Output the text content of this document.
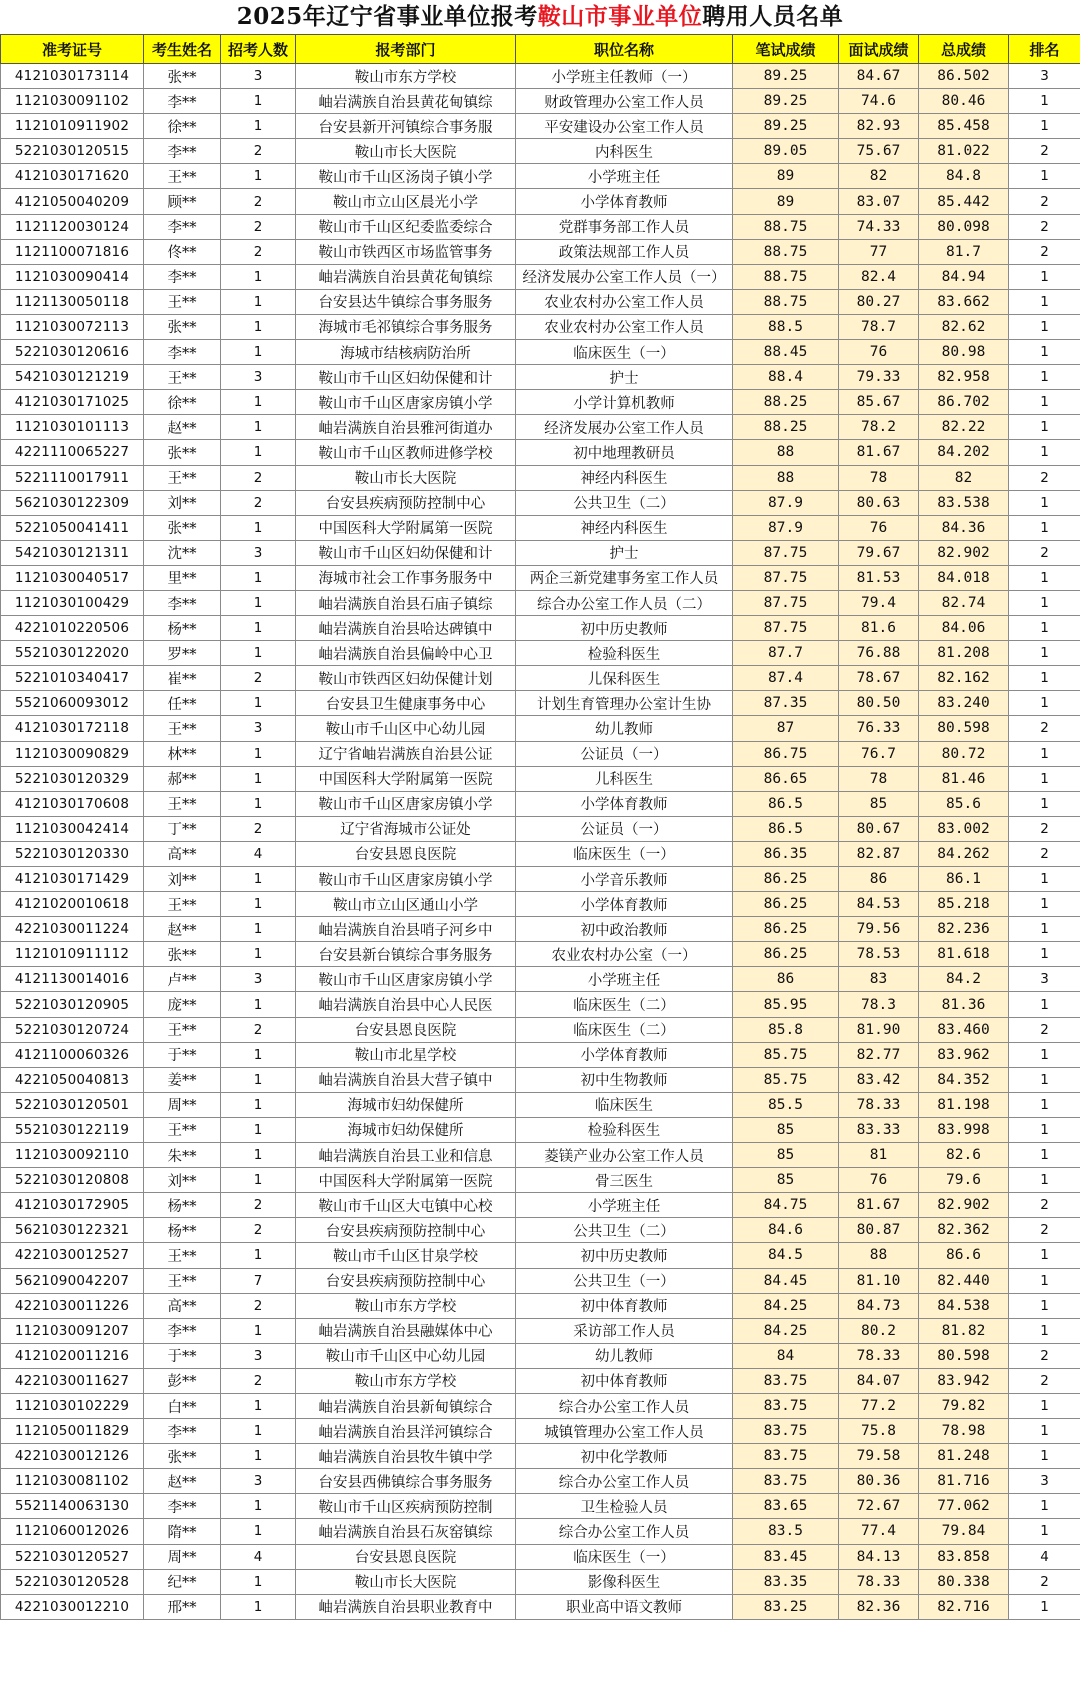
2025年辽宁省事业单位报考鞍山市事业单位聘用人员名单
准考证号	考生姓名	招考人数	报考部门	职位名称	笔试成绩	面试成绩	总成绩	排名
4121030173114	张**	3	鞍山市东方学校	小学班主任教师（一）	89.25	84.67	86.502	3
1121030091102	李**	1	岫岩满族自治县黄花甸镇综	财政管理办公室工作人员	89.25	74.6	80.46	1
1121010911902	徐**	1	台安县新开河镇综合事务服	平安建设办公室工作人员	89.25	82.93	85.458	1
5221030120515	李**	2	鞍山市长大医院	内科医生	89.05	75.67	81.022	2
4121030171620	王**	1	鞍山市千山区汤岗子镇小学	小学班主任	89	82	84.8	1
4121050040209	顾**	2	鞍山市立山区晨光小学	小学体育教师	89	83.07	85.442	2
1121120030124	李**	2	鞍山市千山区纪委监委综合	党群事务部工作人员	88.75	74.33	80.098	2
1121100071816	佟**	2	鞍山市铁西区市场监管事务	政策法规部工作人员	88.75	77	81.7	2
1121030090414	李**	1	岫岩满族自治县黄花甸镇综	经济发展办公室工作人员（一）	88.75	82.4	84.94	1
1121130050118	王**	1	台安县达牛镇综合事务服务	农业农村办公室工作人员	88.75	80.27	83.662	1
1121030072113	张**	1	海城市毛祁镇综合事务服务	农业农村办公室工作人员	88.5	78.7	82.62	1
5221030120616	李**	1	海城市结核病防治所	临床医生（一）	88.45	76	80.98	1
5421030121219	王**	3	鞍山市千山区妇幼保健和计	护士	88.4	79.33	82.958	1
4121030171025	徐**	1	鞍山市千山区唐家房镇小学	小学计算机教师	88.25	85.67	86.702	1
1121030101113	赵**	1	岫岩满族自治县雅河街道办	经济发展办公室工作人员	88.25	78.2	82.22	1
4221110065227	张**	1	鞍山市千山区教师进修学校	初中地理教研员	88	81.67	84.202	1
5221110017911	王**	2	鞍山市长大医院	神经内科医生	88	78	82	2
5621030122309	刘**	2	台安县疾病预防控制中心	公共卫生（二）	87.9	80.63	83.538	1
5221050041411	张**	1	中国医科大学附属第一医院	神经内科医生	87.9	76	84.36	1
5421030121311	沈**	3	鞍山市千山区妇幼保健和计	护士	87.75	79.67	82.902	2
1121030040517	里**	1	海城市社会工作事务服务中	两企三新党建事务室工作人员	87.75	81.53	84.018	1
1121030100429	李**	1	岫岩满族自治县石庙子镇综	综合办公室工作人员（二）	87.75	79.4	82.74	1
4221010220506	杨**	1	岫岩满族自治县哈达碑镇中	初中历史教师	87.75	81.6	84.06	1
5521030122020	罗**	1	岫岩满族自治县偏岭中心卫	检验科医生	87.7	76.88	81.208	1
5221010340417	崔**	2	鞍山市铁西区妇幼保健计划	儿保科医生	87.4	78.67	82.162	1
5521060093012	任**	1	台安县卫生健康事务中心	计划生育管理办公室计生协	87.35	80.50	83.240	1
4121030172118	王**	3	鞍山市千山区中心幼儿园	幼儿教师	87	76.33	80.598	2
1121030090829	林**	1	辽宁省岫岩满族自治县公证	公证员（一）	86.75	76.7	80.72	1
5221030120329	郝**	1	中国医科大学附属第一医院	儿科医生	86.65	78	81.46	1
4121030170608	王**	1	鞍山市千山区唐家房镇小学	小学体育教师	86.5	85	85.6	1
1121030042414	丁**	2	辽宁省海城市公证处	公证员（一）	86.5	80.67	83.002	2
5221030120330	高**	4	台安县恩良医院	临床医生（一）	86.35	82.87	84.262	2
4121030171429	刘**	1	鞍山市千山区唐家房镇小学	小学音乐教师	86.25	86	86.1	1
4121020010618	王**	1	鞍山市立山区通山小学	小学体育教师	86.25	84.53	85.218	1
4221030011224	赵**	1	岫岩满族自治县哨子河乡中	初中政治教师	86.25	79.56	82.236	1
1121010911112	张**	1	台安县新台镇综合事务服务	农业农村办公室（一）	86.25	78.53	81.618	1
4121130014016	卢**	3	鞍山市千山区唐家房镇小学	小学班主任	86	83	84.2	3
5221030120905	庞**	1	岫岩满族自治县中心人民医	临床医生（二）	85.95	78.3	81.36	1
5221030120724	王**	2	台安县恩良医院	临床医生（二）	85.8	81.90	83.460	2
4121100060326	于**	1	鞍山市北星学校	小学体育教师	85.75	82.77	83.962	1
4221050040813	姜**	1	岫岩满族自治县大营子镇中	初中生物教师	85.75	83.42	84.352	1
5221030120501	周**	1	海城市妇幼保健所	临床医生	85.5	78.33	81.198	1
5521030122119	王**	1	海城市妇幼保健所	检验科医生	85	83.33	83.998	1
1121030092110	朱**	1	岫岩满族自治县工业和信息	菱镁产业办公室工作人员	85	81	82.6	1
5221030120808	刘**	1	中国医科大学附属第一医院	骨三医生	85	76	79.6	1
4121030172905	杨**	2	鞍山市千山区大屯镇中心校	小学班主任	84.75	81.67	82.902	2
5621030122321	杨**	2	台安县疾病预防控制中心	公共卫生（二）	84.6	80.87	82.362	2
4221030012527	王**	1	鞍山市千山区甘泉学校	初中历史教师	84.5	88	86.6	1
5621090042207	王**	7	台安县疾病预防控制中心	公共卫生（一）	84.45	81.10	82.440	1
4221030011226	高**	2	鞍山市东方学校	初中体育教师	84.25	84.73	84.538	1
1121030091207	李**	1	岫岩满族自治县融媒体中心	采访部工作人员	84.25	80.2	81.82	1
4121020011216	于**	3	鞍山市千山区中心幼儿园	幼儿教师	84	78.33	80.598	2
4221030011627	彭**	2	鞍山市东方学校	初中体育教师	83.75	84.07	83.942	2
1121030102229	白**	1	岫岩满族自治县新甸镇综合	综合办公室工作人员	83.75	77.2	79.82	1
1121050011829	李**	1	岫岩满族自治县洋河镇综合	城镇管理办公室工作人员	83.75	75.8	78.98	1
4221030012126	张**	1	岫岩满族自治县牧牛镇中学	初中化学教师	83.75	79.58	81.248	1
1121030081102	赵**	3	台安县西佛镇综合事务服务	综合办公室工作人员	83.75	80.36	81.716	3
5521140063130	李**	1	鞍山市千山区疾病预防控制	卫生检验人员	83.65	72.67	77.062	1
1121060012026	隋**	1	岫岩满族自治县石灰窑镇综	综合办公室工作人员	83.5	77.4	79.84	1
5221030120527	周**	4	台安县恩良医院	临床医生（一）	83.45	84.13	83.858	4
5221030120528	纪**	1	鞍山市长大医院	影像科医生	83.35	78.33	80.338	2
4221030012210	邢**	1	岫岩满族自治县职业教育中	职业高中语文教师	83.25	82.36	82.716	1
